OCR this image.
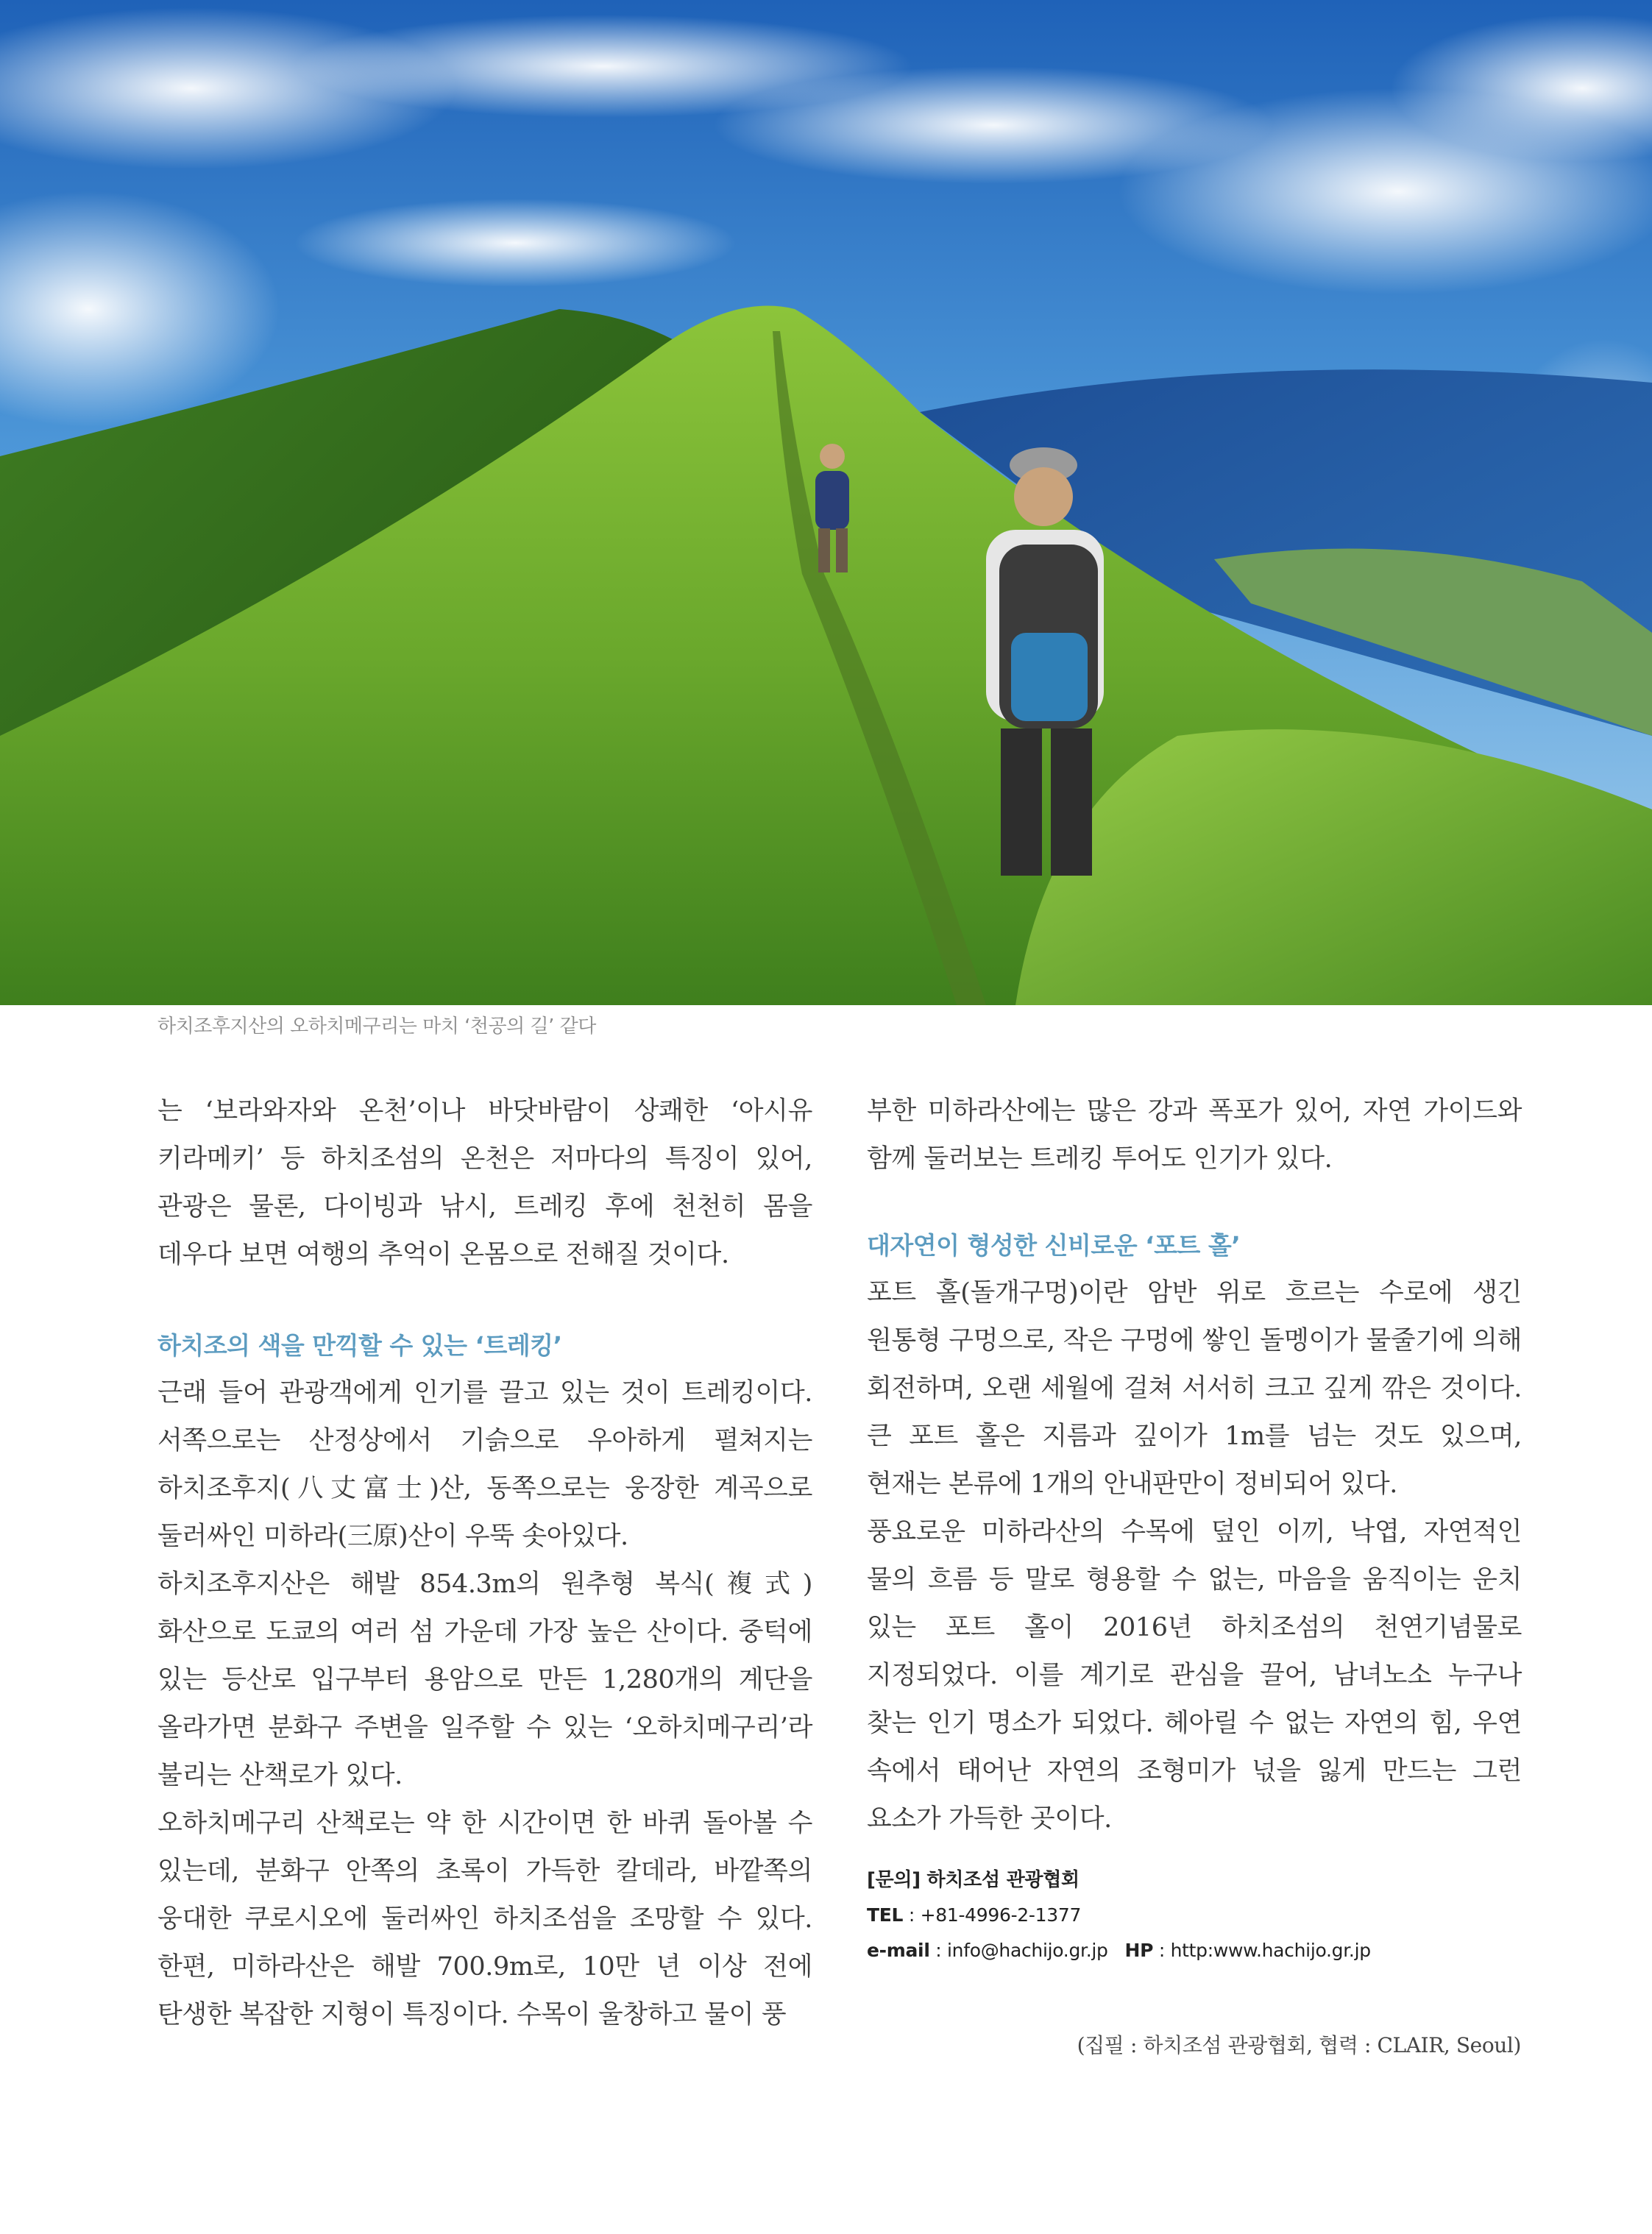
하치조후지산의 오하치메구리는 마치 ‘천공의 길’ 같다

는 ‘보라와자와 온천’이나 바닷바람이 상쾌한 ‘아시유 키라메키’ 등 하치조섬의 온천은 저마다의 특징이 있어, 관광은 물론, 다이빙과 낚시, 트레킹 후에 천천히 몸을 데우다 보면 여행의 추억이 온몸으로 전해질 것이다.

하치조의 색을 만끽할 수 있는 ‘트레킹’

근래 들어 관광객에게 인기를 끌고 있는 것이 트레킹이다. 서쪽으로는 산정상에서 기슭으로 우아하게 펼쳐지는 하치조후지(八丈富士)산, 동쪽으로는 웅장한 계곡으로 둘러싸인 미하라(三原)산이 우뚝 솟아있다.

하치조후지산은 해발 854.3m의 원추형 복식(複式) 화산으로 도쿄의 여러 섬 가운데 가장 높은 산이다. 중턱에 있는 등산로 입구부터 용암으로 만든 1,280개의 계단을 올라가면 분화구 주변을 일주할 수 있는 ‘오하치메구리’라 불리는 산책로가 있다.

오하치메구리 산책로는 약 한 시간이면 한 바퀴 돌아볼 수 있는데, 분화구 안쪽의 초록이 가득한 칼데라, 바깥쪽의 웅대한 쿠로시오에 둘러싸인 하치조섬을 조망할 수 있다. 한편, 미하라산은 해발 700.9m로, 10만 년 이상 전에 탄생한 복잡한 지형이 특징이다. 수목이 울창하고 물이 풍

부한 미하라산에는 많은 강과 폭포가 있어, 자연 가이드와 함께 둘러보는 트레킹 투어도 인기가 있다.

대자연이 형성한 신비로운 ‘포트 홀’

포트 홀(돌개구멍)이란 암반 위로 흐르는 수로에 생긴 원통형 구멍으로, 작은 구멍에 쌓인 돌멩이가 물줄기에 의해 회전하며, 오랜 세월에 걸쳐 서서히 크고 깊게 깎은 것이다. 큰 포트 홀은 지름과 깊이가 1m를 넘는 것도 있으며, 현재는 본류에 1개의 안내판만이 정비되어 있다.

풍요로운 미하라산의 수목에 덮인 이끼, 낙엽, 자연적인 물의 흐름 등 말로 형용할 수 없는, 마음을 움직이는 운치 있는 포트 홀이 2016년 하치조섬의 천연기념물로 지정되었다. 이를 계기로 관심을 끌어, 남녀노소 누구나 찾는 인기 명소가 되었다. 헤아릴 수 없는 자연의 힘, 우연 속에서 태어난 자연의 조형미가 넋을 잃게 만드는 그런 요소가 가득한 곳이다.

[문의] 하치조섬 관광협회
TEL : +81-4996-2-1377
e-mail : info@hachijo.gr.jp HP : http:www.hachijo.gr.jp
(집필 : 하치조섬 관광협회, 협력 : CLAIR, Seoul)
